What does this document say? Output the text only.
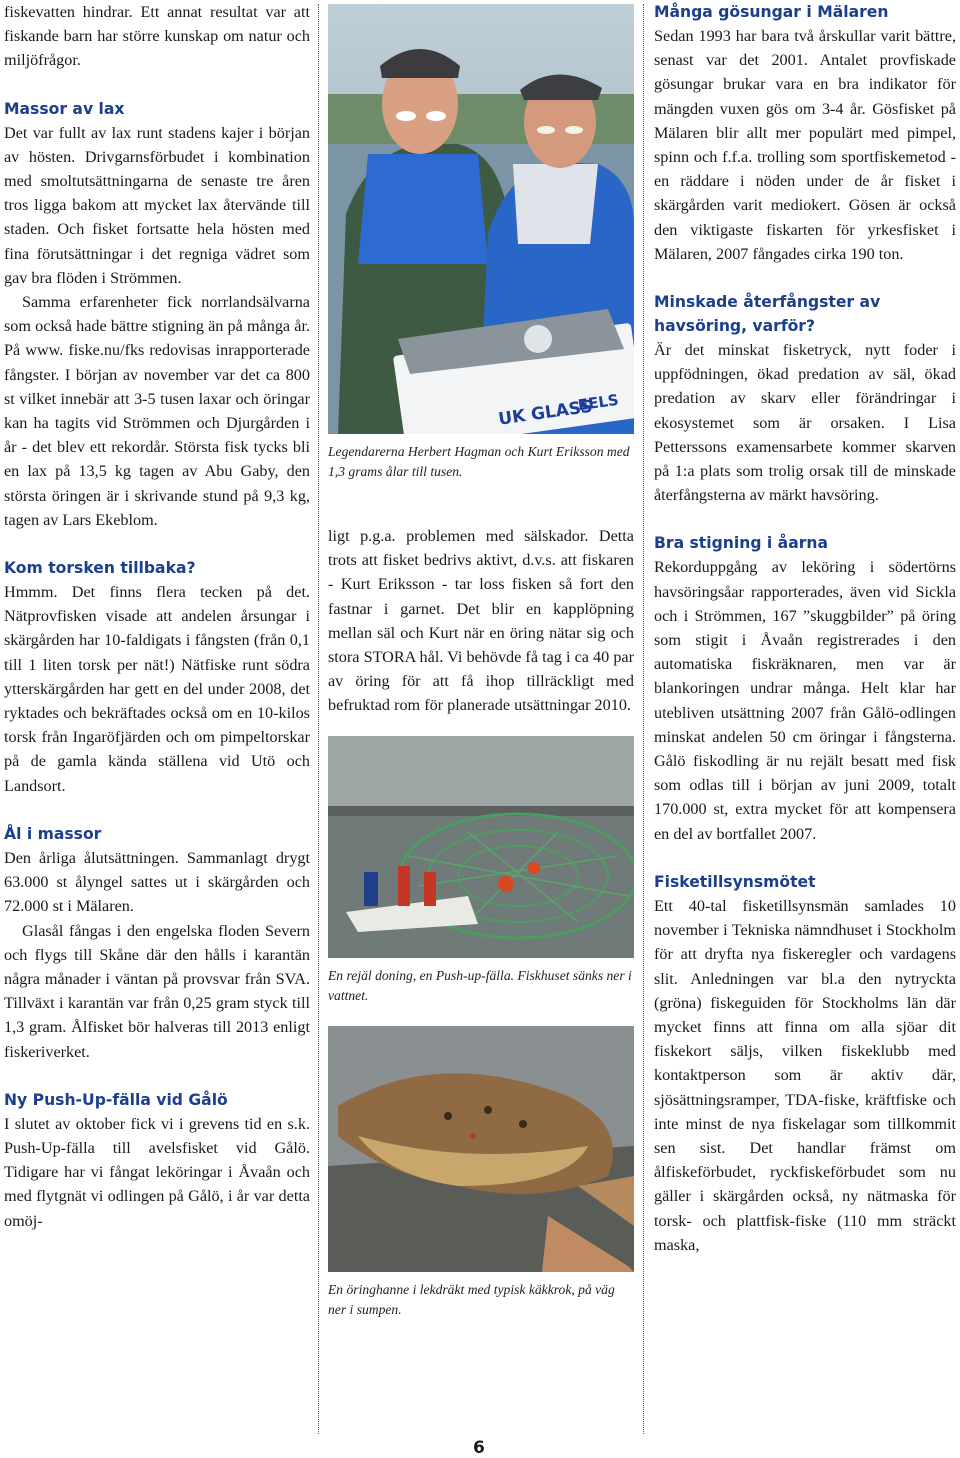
fiskevatten hindrar. Ett annat resultat var att fiskande barn har större kunskap om natur och miljöfrågor.

Massor av lax

Det var fullt av lax runt stadens kajer i början av hösten. Drivgarnsförbudet i kombination med smoltutsättningarna de senaste tre åren tros ligga bakom att mycket lax återvände till staden. Och fisket fortsatte hela hösten med fina förutsättningar i det regniga vädret som gav bra flöden i Strömmen.

Samma erfarenheter fick norrlandsälvarna som också hade bättre stigning än på många år. På www. fiske.nu/fks redovisas inrapporterade fångster. I början av november var det ca 800 st vilket innebär att 3-5 tusen laxar och öringar kan ha tagits vid Strömmen och Djurgården i år - det blev ett rekordår. Största fisk tycks bli en lax på 13,5 kg tagen av Abu Gaby, den största öringen är i skrivande stund på 9,3 kg, tagen av Lars Ekeblom.

Kom torsken tillbaka?

Hmmm. Det finns flera tecken på det. Nätprovfisken visade att andelen årsungar i skärgården har 10-faldigats i fångsten (från 0,1 till 1 liten torsk per nät!) Nätfiske runt södra ytterskärgården har gett en del under 2008, det ryktades och bekräftades också om en 10-kilos torsk från Ingaröfjärden och om pimpeltorskar på de gamla kända ställena vid Utö och Landsort.

Ål i massor

Den årliga ålutsättningen. Sammanlagt drygt 63.000 st ålyngel sattes ut i skärgården och 72.000 st i Mälaren.

Glasål fångas i den engelska floden Severn och flygs till Skåne där den hålls i karantän några månader i väntan på provsvar från SVA. Tillväxt i karantän var från 0,25 gram styck till 1,3 gram. Ålfisket bör halveras till 2013 enligt fiskeriverket.

Ny Push-Up-fälla vid Gålö

I slutet av oktober fick vi i grevens tid en s.k. Push-Up-fälla till avelsfisket vid Gålö. Tidigare har vi fångat leköringar i Åvaån och med flytgnät vi odlingen på Gålö, i år var detta omöj-

UK GLASS
EELS

Legendarerna Herbert Hagman och Kurt Eriksson med 1,3 grams ålar till tusen.

ligt p.g.a. problemen med sälskador. Detta trots att fisket bedrivs aktivt, d.v.s. att fiskaren - Kurt Eriksson - tar loss fisken så fort den fastnar i garnet. Det blir en kapplöpning mellan säl och Kurt när en öring nätar sig och stora STORA hål. Vi behövde få tag i ca 40 par av öring för att få ihop tillräckligt med befruktad rom för planerade utsättningar 2010.

En rejäl doning, en Push-up-fälla. Fiskhuset sänks ner i vattnet.

En öringhanne i lekdräkt med typisk käkkrok, på väg ner i sumpen.

Många gösungar i Mälaren

Sedan 1993 har bara två årskullar varit bättre, senast var det 2001. Antalet provfiskade gösungar brukar vara en bra indikator för mängden vuxen gös om 3-4 år. Gösfisket på Mälaren blir allt mer populärt med pimpel, spinn och f.f.a. trolling som sportfiskemetod - en räddare i nöden under de år fisket i skärgården varit mediokert. Gösen är också den viktigaste fiskarten för yrkesfisket i Mälaren, 2007 fångades cirka 190 ton.

Minskade återfångster av havsöring, varför?

Är det minskat fisketryck, nytt foder i uppfödningen, ökad predation av säl, ökad predation av skarv eller förändringar i ekosystemet som är orsaken. I Lisa Petterssons examensarbete kommer skarven på 1:a plats som trolig orsak till de minskade återfångsterna av märkt havsöring.

Bra stigning i åarna

Rekorduppgång av leköring i södertörns havsöringsåar rapporterades, även vid Sickla och i Strömmen, 167 ”skuggbilder” på öring som stigit i Åvaån registrerades i den automatiska fiskräknaren, men var är blankoringen undrar många. Helt klar har utebliven utsättning 2007 från Gålö-odlingen minskat andelen 50 cm öringar i fångsterna. Gålö fiskodling är nu rejält besatt med fisk som odlas till i början av juni 2009, totalt 170.000 st, extra mycket för att kompensera en del av bortfallet 2007.

Fisketillsynsmötet

Ett 40-tal fisketillsynsmän samlades 10 november i Tekniska nämndhuset i Stockholm för att dryfta nya fiskeregler och vardagens slit. Anledningen var bl.a den nytryckta (gröna) fiskeguiden för Stockholms län där mycket finns att finna om alla sjöar dit fiskekort säljs, vilken fiskeklubb med kontaktperson som är aktiv där, sjösättningsramper, TDA-fiske, kräftfiske och inte minst de nya fiskelagar som tillkommit sen sist. Det handlar främst om ålfiskeförbudet, ryckfiskeförbudet som nu gäller i skärgården också, ny nätmaska för torsk- och plattfisk-fiske (110 mm sträckt maska,

6
